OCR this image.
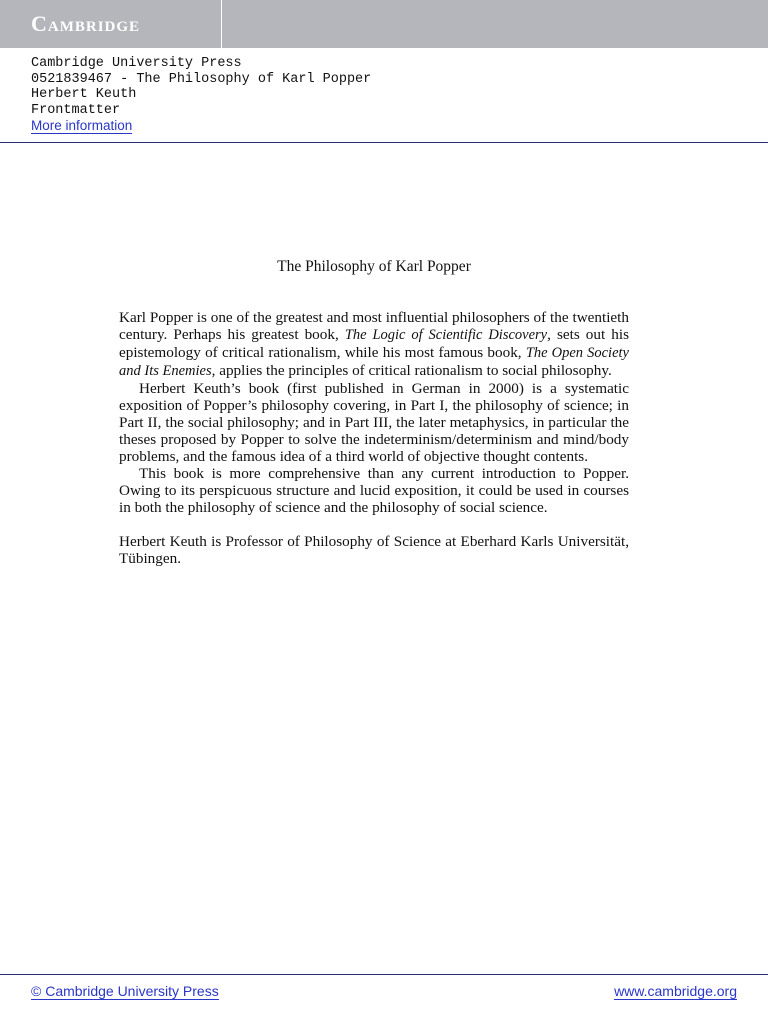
Cambridge
Cambridge University Press
0521839467 - The Philosophy of Karl Popper
Herbert Keuth
Frontmatter
More information
The Philosophy of Karl Popper

Karl Popper is one of the greatest and most influential philosophers of the twentieth century. Perhaps his greatest book, The Logic of Scientific Discovery, sets out his epistemology of critical rationalism, while his most famous book, The Open Society and Its Enemies, applies the principles of critical rationalism to social philosophy.

Herbert Keuth’s book (first published in German in 2000) is a systematic exposition of Popper’s philosophy covering, in Part I, the philosophy of science; in Part II, the social philosophy; and in Part III, the later metaphysics, in particular the theses proposed by Popper to solve the indeterminism/determinism and mind/body problems, and the famous idea of a third world of objective thought contents.

This book is more comprehensive than any current introduction to Popper. Owing to its perspicuous structure and lucid exposition, it could be used in courses in both the philosophy of science and the philosophy of social science.

Herbert Keuth is Professor of Philosophy of Science at Eberhard Karls Universität, Tübingen.

© Cambridge University Press	www.cambridge.org
